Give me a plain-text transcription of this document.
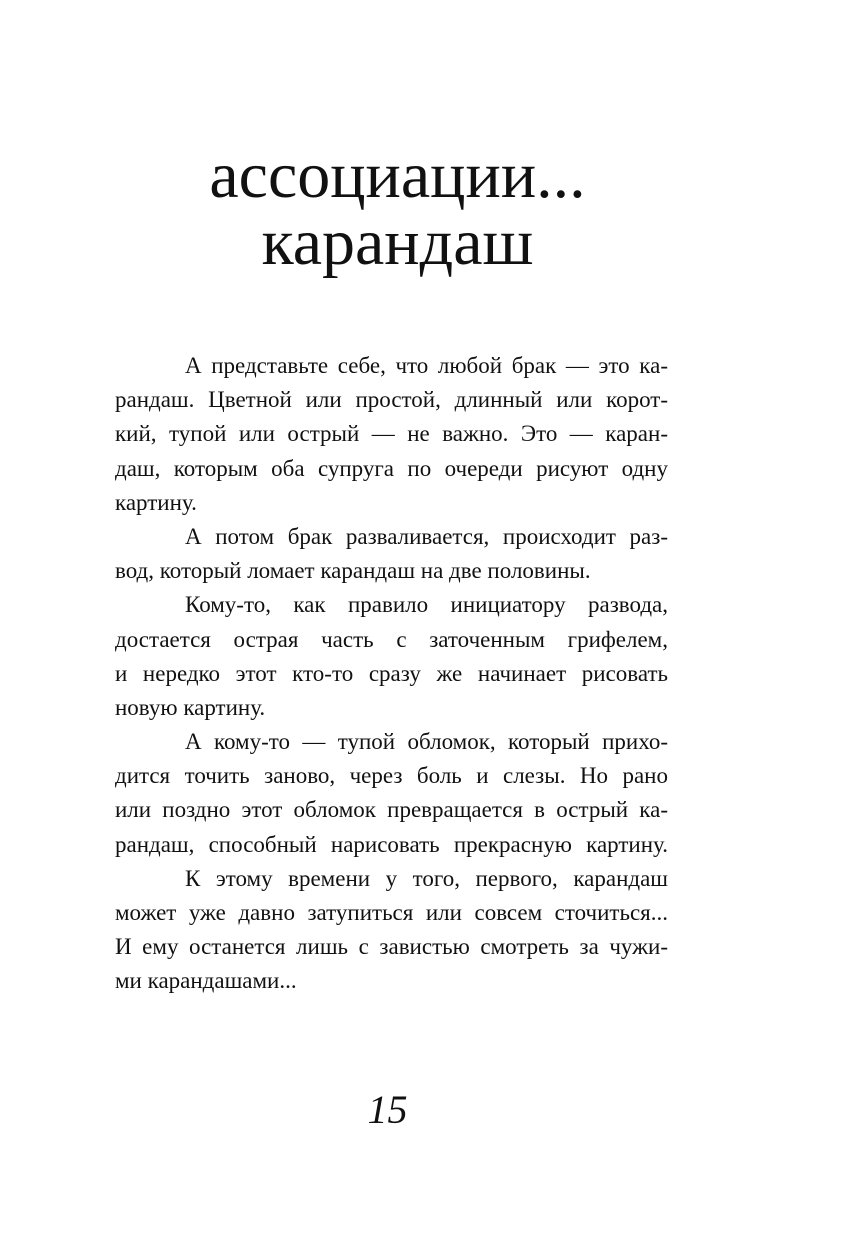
ассоциации...
карандаш
А представьте себе, что любой брак — это ка-
рандаш. Цветной или простой, длинный или корот-
кий, тупой или острый — не важно. Это — каран-
даш, которым оба супруга по очереди рисуют одну
картину.
А потом брак разваливается, происходит раз-
вод, который ломает карандаш на две половины.
Кому-то, как правило инициатору развода,
достается острая часть с заточенным грифелем,
и нередко этот кто-то сразу же начинает рисовать
новую картину.
А кому-то — тупой обломок, который прихо-
дится точить заново, через боль и слезы. Но рано
или поздно этот обломок превращается в острый ка-
рандаш, способный нарисовать прекрасную картину.
К этому времени у того, первого, карандаш
может уже давно затупиться или совсем сточиться...
И ему останется лишь с завистью смотреть за чужи-
ми карандашами...
15
